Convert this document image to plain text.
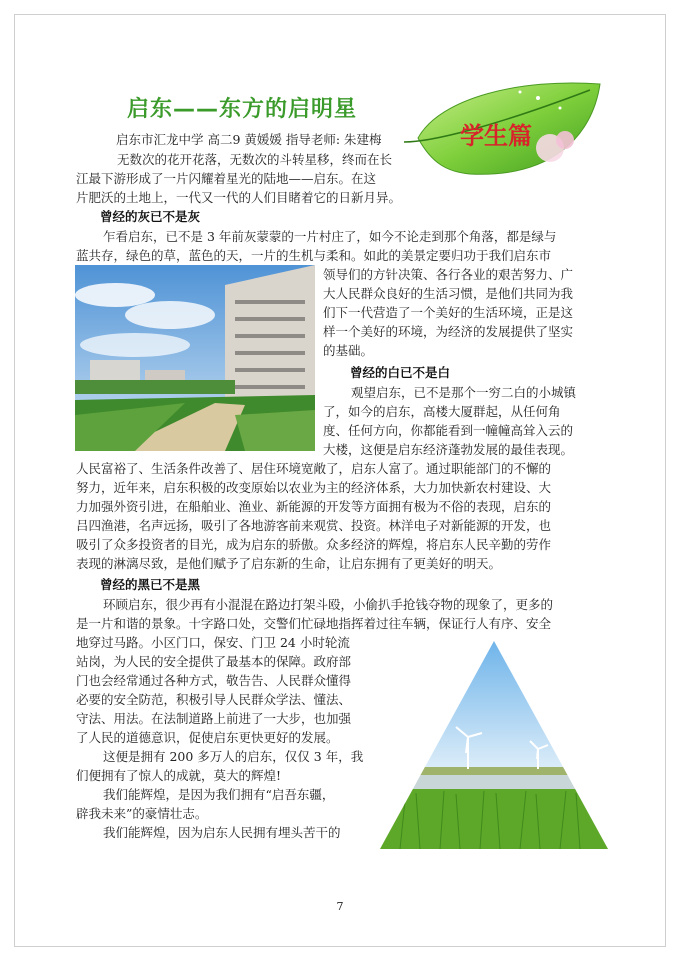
启东——东方的启明星
启东市汇龙中学 高二9 黄媛媛 指导老师: 朱建梅	学生篇
无数次的花开花落，无数次的斗转星移，终而在长
江最下游形成了一片闪耀着星光的陆地——启东。在这
片肥沃的土地上，一代又一代的人们目睹着它的日新月异。
曾经的灰已不是灰
乍看启东，已不是 3 年前灰蒙蒙的一片村庄了，如今不论走到那个角落，都是绿与
蓝共存，绿色的草，蓝色的天，一片的生机与柔和。如此的美景定要归功于我们启东市
领导们的方针决策、各行各业的艰苦努力、广
大人民群众良好的生活习惯，是他们共同为我
们下一代营造了一个美好的生活环境，正是这
样一个美好的环境，为经济的发展提供了坚实
的基础。
曾经的白已不是白
观望启东，已不是那个一穷二白的小城镇
了，如今的启东，高楼大厦群起，从任何角
度、任何方向，你都能看到一幢幢高耸入云的
大楼，这便是启东经济蓬勃发展的最佳表现。
人民富裕了、生活条件改善了、居住环境宽敞了，启东人富了。通过职能部门的不懈的
努力，近年来，启东积极的改变原始以农业为主的经济体系，大力加快新农村建设、大
力加强外资引进，在船舶业、渔业、新能源的开发等方面拥有极为不俗的表现，启东的
吕四渔港，名声远扬，吸引了各地游客前来观赏、投资。林洋电子对新能源的开发，也
吸引了众多投资者的目光，成为启东的骄傲。众多经济的辉煌，将启东人民辛勤的劳作
表现的淋漓尽致，是他们赋予了启东新的生命，让启东拥有了更美好的明天。
曾经的黑已不是黑
环顾启东，很少再有小混混在路边打架斗殴，小偷扒手抢钱夺物的现象了，更多的
是一片和谐的景象。十字路口处，交警们忙碌地指挥着过往车辆，保证行人有序、安全
地穿过马路。小区门口，保安、门卫 24 小时轮流
站岗，为人民的安全提供了最基本的保障。政府部
门也会经常通过各种方式，敬告告、人民群众懂得
必要的安全防范，积极引导人民群众学法、懂法、
守法、用法。在法制道路上前进了一大步，也加强
了人民的道德意识，促使启东更快更好的发展。
这便是拥有 200 多万人的启东，仅仅 3 年，我
们便拥有了惊人的成就，莫大的辉煌!
我们能辉煌，是因为我们拥有“启吾东疆，
辟我未来”的豪情壮志。
我们能辉煌，因为启东人民拥有埋头苦干的
7
